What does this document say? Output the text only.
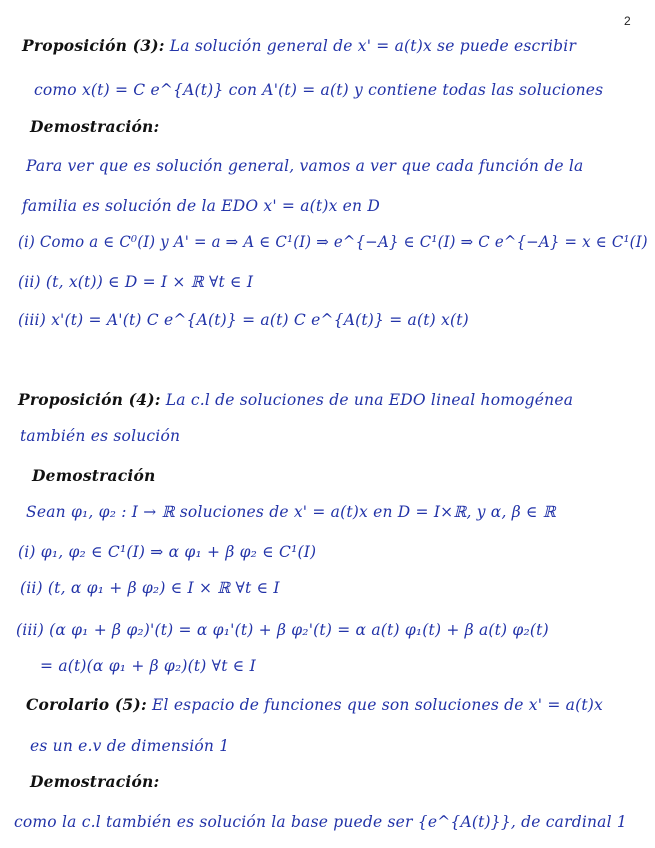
2
Proposición (3): La solución general de x' = a(t)x se puede escribir
como x(t) = C e^{A(t)} con A'(t) = a(t) y contiene todas las soluciones
Demostración:
Para ver que es solución general, vamos a ver que cada función de la
familia es solución de la EDO x' = a(t)x en D
(i) Como a ∈ C⁰(I) y A' = a ⇒ A ∈ C¹(I) ⇒ e^{−A} ∈ C¹(I) ⇒ C e^{−A} = x ∈ C¹(I)
(ii) (t, x(t)) ∈ D = I × ℝ ∀t ∈ I
(iii) x'(t) = A'(t) C e^{A(t)} = a(t) C e^{A(t)} = a(t) x(t)
Proposición (4): La c.l de soluciones de una EDO lineal homogénea
también es solución
Demostración
Sean φ₁, φ₂ : I → ℝ soluciones de x' = a(t)x en D = I×ℝ, y α, β ∈ ℝ
(i) φ₁, φ₂ ∈ C¹(I) ⇒ α φ₁ + β φ₂ ∈ C¹(I)
(ii) (t, α φ₁ + β φ₂) ∈ I × ℝ ∀t ∈ I
(iii) (α φ₁ + β φ₂)'(t) = α φ₁'(t) + β φ₂'(t) = α a(t) φ₁(t) + β a(t) φ₂(t)
= a(t)(α φ₁ + β φ₂)(t) ∀t ∈ I
Corolario (5): El espacio de funciones que son soluciones de x' = a(t)x
es un e.v de dimensión 1
Demostración:
como la c.l también es solución la base puede ser {e^{A(t)}}, de cardinal 1
